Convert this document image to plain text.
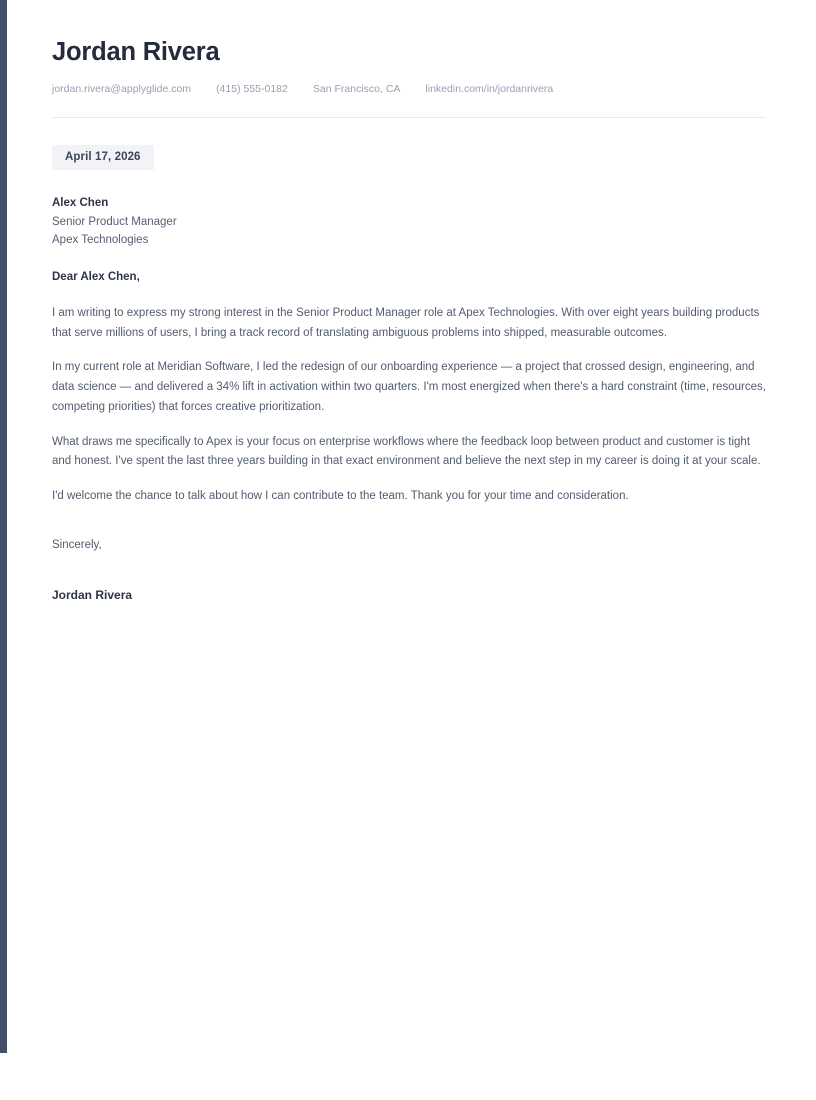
Jordan Rivera
jordan.rivera@applyglide.com (415) 555-0182 San Francisco, CA linkedin.com/in/jordanrivera
April 17, 2026
Alex Chen
Senior Product Manager
Apex Technologies
Dear Alex Chen,

I am writing to express my strong interest in the Senior Product Manager role at Apex Technologies. With over eight years building products that serve millions of users, I bring a track record of translating ambiguous problems into shipped, measurable outcomes.

In my current role at Meridian Software, I led the redesign of our onboarding experience — a project that crossed design, engineering, and data science — and delivered a 34% lift in activation within two quarters. I'm most energized when there's a hard constraint (time, resources, competing priorities) that forces creative prioritization.

What draws me specifically to Apex is your focus on enterprise workflows where the feedback loop between product and customer is tight and honest. I've spent the last three years building in that exact environment and believe the next step in my career is doing it at your scale.

I'd welcome the chance to talk about how I can contribute to the team. Thank you for your time and consideration.

Sincerely,
Jordan Rivera
